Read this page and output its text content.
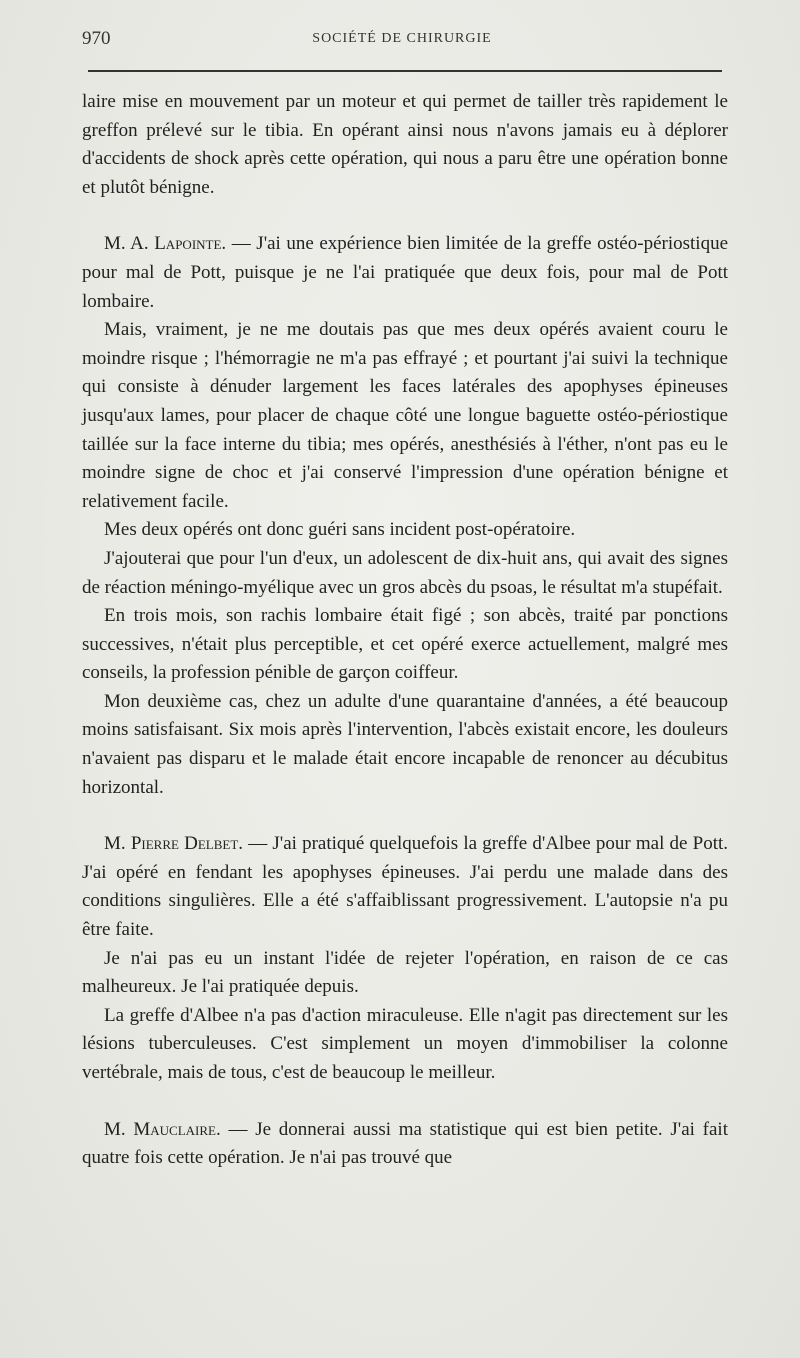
970	SOCIÉTÉ DE CHIRURGIE

laire mise en mouvement par un moteur et qui permet de tailler très rapidement le greffon prélevé sur le tibia. En opérant ainsi nous n'avons jamais eu à déplorer d'accidents de shock après cette opération, qui nous a paru être une opération bonne et plutôt bénigne.

M. A. Lapointe. — J'ai une expérience bien limitée de la greffe ostéo-périostique pour mal de Pott, puisque je ne l'ai pratiquée que deux fois, pour mal de Pott lombaire.

Mais, vraiment, je ne me doutais pas que mes deux opérés avaient couru le moindre risque ; l'hémorragie ne m'a pas effrayé ; et pourtant j'ai suivi la technique qui consiste à dénuder largement les faces latérales des apophyses épineuses jusqu'aux lames, pour placer de chaque côté une longue baguette ostéo-périostique taillée sur la face interne du tibia; mes opérés, anesthésiés à l'éther, n'ont pas eu le moindre signe de choc et j'ai conservé l'impression d'une opération bénigne et relativement facile.

Mes deux opérés ont donc guéri sans incident post-opératoire.

J'ajouterai que pour l'un d'eux, un adolescent de dix-huit ans, qui avait des signes de réaction méningo-myélique avec un gros abcès du psoas, le résultat m'a stupéfait.

En trois mois, son rachis lombaire était figé ; son abcès, traité par ponctions successives, n'était plus perceptible, et cet opéré exerce actuellement, malgré mes conseils, la profession pénible de garçon coiffeur.

Mon deuxième cas, chez un adulte d'une quarantaine d'années, a été beaucoup moins satisfaisant. Six mois après l'intervention, l'abcès existait encore, les douleurs n'avaient pas disparu et le malade était encore incapable de renoncer au décubitus horizontal.

M. Pierre Delbet. — J'ai pratiqué quelquefois la greffe d'Albee pour mal de Pott. J'ai opéré en fendant les apophyses épineuses. J'ai perdu une malade dans des conditions singulières. Elle a été s'affaiblissant progressivement. L'autopsie n'a pu être faite.

Je n'ai pas eu un instant l'idée de rejeter l'opération, en raison de ce cas malheureux. Je l'ai pratiquée depuis.

La greffe d'Albee n'a pas d'action miraculeuse. Elle n'agit pas directement sur les lésions tuberculeuses. C'est simplement un moyen d'immobiliser la colonne vertébrale, mais de tous, c'est de beaucoup le meilleur.

M. Mauclaire. — Je donnerai aussi ma statistique qui est bien petite. J'ai fait quatre fois cette opération. Je n'ai pas trouvé que
